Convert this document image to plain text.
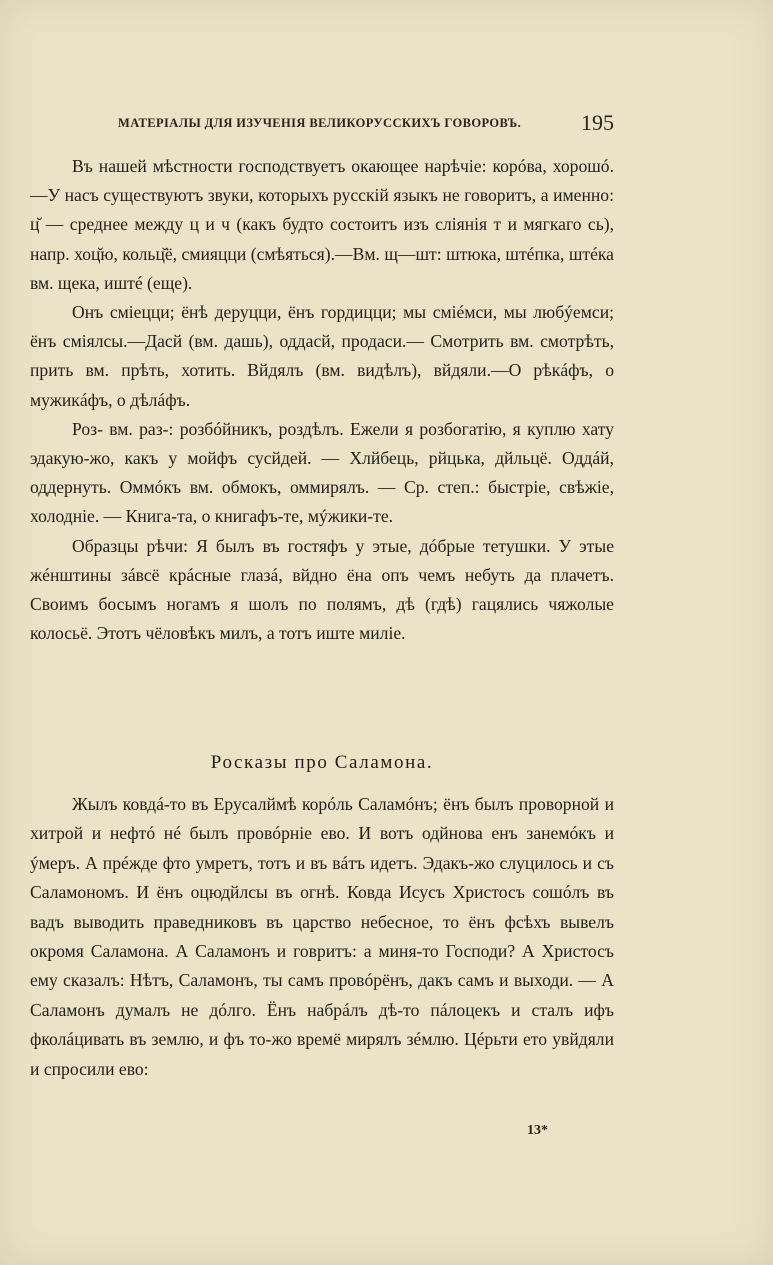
МАТЕРІАЛЫ ДЛЯ ИЗУЧЕНІЯ ВЕЛИКОРУССКИХЪ ГОВОРОВЪ.	195

Въ нашей мѣстности господствуетъ окающее нарѣчіе: корóва, хорошó.—У насъ существуютъ звуки, которыхъ русскій языкъ не говоритъ, а именно: ц̆ — среднее между ц и ч (какъ будто состоитъ изъ слiянiя т и мягкаго сь), напр. хоц̆ю, кольц̆ё, смияцци (смѣяться).—Вм. щ—шт: штюка, штéпка, штéка вм. щека, иштé (еще).

Онъ смiецци; ёнѣ деруцци, ёнъ гордицци; мы смiéмси, мы любýемси; ёнъ смiялсы.—Дасй (вм. дашь), оддасй, продаси.— Смотрить вм. смотрѣть, прить вм. прѣть, хотить. Вйдялъ (вм. видѣлъ), вйдяли.—О рѣкáфъ, о мужикáфъ, о дѣлáфъ.

Роз- вм. раз-: розбóйникъ, роздѣлъ. Ежели я розбогатiю, я куплю хату эдакую-жо, какъ у мойфъ сусйдей. — Хлйбець, рйцька, дйльцё. Оддáй, оддернуть. Оммóкъ вм. обмокъ, оммирялъ. — Ср. степ.: быстрiе, свѣжiе, холоднiе. — Книга-та, о книгафъ-те, мýжики-те.

Образцы рѣчи: Я былъ въ гостяфъ у этые, дóбрые тетушки. У этые жéнштины зáвсё крáсные глазá, вйдно ёна опъ чемъ небуть да плачетъ. Своимъ босымъ ногамъ я шолъ по полямъ, дѣ (гдѣ) гацялись чяжолые колосьё. Этотъ чёловѣкъ милъ, а тотъ иште милiе.

Росказы про Саламона.

Жылъ ковдá-то въ Ерусалймѣ корóль Саламóнъ; ёнъ былъ проворной и хитрой и нефтó нé былъ провóрнiе ево. И вотъ одйнова енъ занемóкъ и ýмеръ. А прéжде фто умретъ, тотъ и въ вáтъ идетъ. Эдакъ-жо слуцилось и съ Саламономъ. И ёнъ оцюдйлсы въ огнѣ. Ковда Исусъ Христосъ сошóлъ въ вадъ выводить праведниковъ въ царство небесное, то ёнъ фсѣхъ вывелъ окромя Саламона. А Саламонъ и говритъ: а миня-то Господи? А Христосъ ему сказалъ: Нѣтъ, Саламонъ, ты самъ провóрёнъ, дакъ самъ и выходи. — А Саламонъ думалъ не дóлго. Ёнъ набрáлъ дѣ-то пáлоцекъ и сталъ ифъ фколáцивать въ землю, и фъ то-жо времё мирялъ зéмлю. Цéрьти ето увйдяли и спросили ево:

13*
